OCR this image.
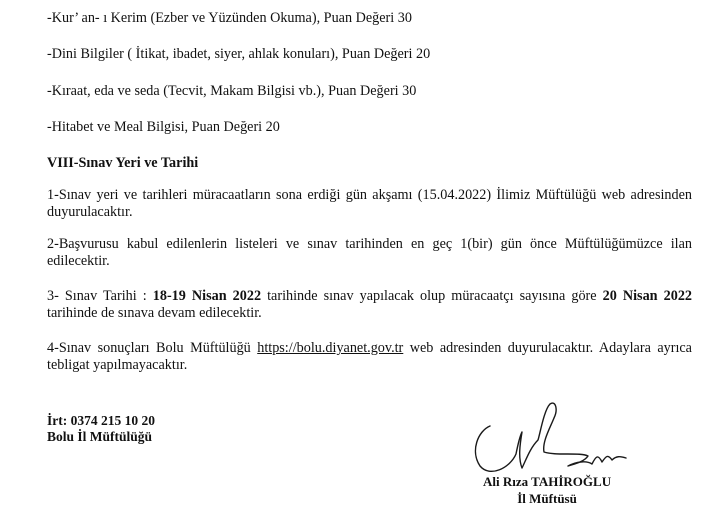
-Kur’ an- ı Kerim (Ezber ve Yüzünden Okuma), Puan Değeri 30
-Dini Bilgiler ( İtikat, ibadet, siyer, ahlak konuları), Puan Değeri 20
-Kıraat, eda ve seda (Tecvit, Makam Bilgisi vb.), Puan Değeri 30
-Hitabet ve Meal Bilgisi, Puan Değeri 20
VIII-Sınav Yeri ve Tarihi
1-Sınav yeri ve tarihleri müracaatların sona erdiği gün akşamı (15.04.2022) İlimiz Müftülüğü web adresinden
duyurulacaktır.
2-Başvurusu kabul edilenlerin listeleri ve sınav tarihinden en geç 1(bir) gün önce Müftülüğümüzce ilan
edilecektir.
3- Sınav Tarihi : 18-19 Nisan 2022 tarihinde sınav yapılacak olup müracaatçı sayısına göre 20 Nisan 2022
tarihinde de sınava devam edilecektir.
4-Sınav sonuçları Bolu Müftülüğü https://bolu.diyanet.gov.tr web adresinden duyurulacaktır. Adaylara ayrıca
tebligat yapılmayacaktır.
İrt: 0374 215 10 20
Bolu İl Müftülüğü
Ali Rıza TAHİROĞLU
İl Müftüsü
